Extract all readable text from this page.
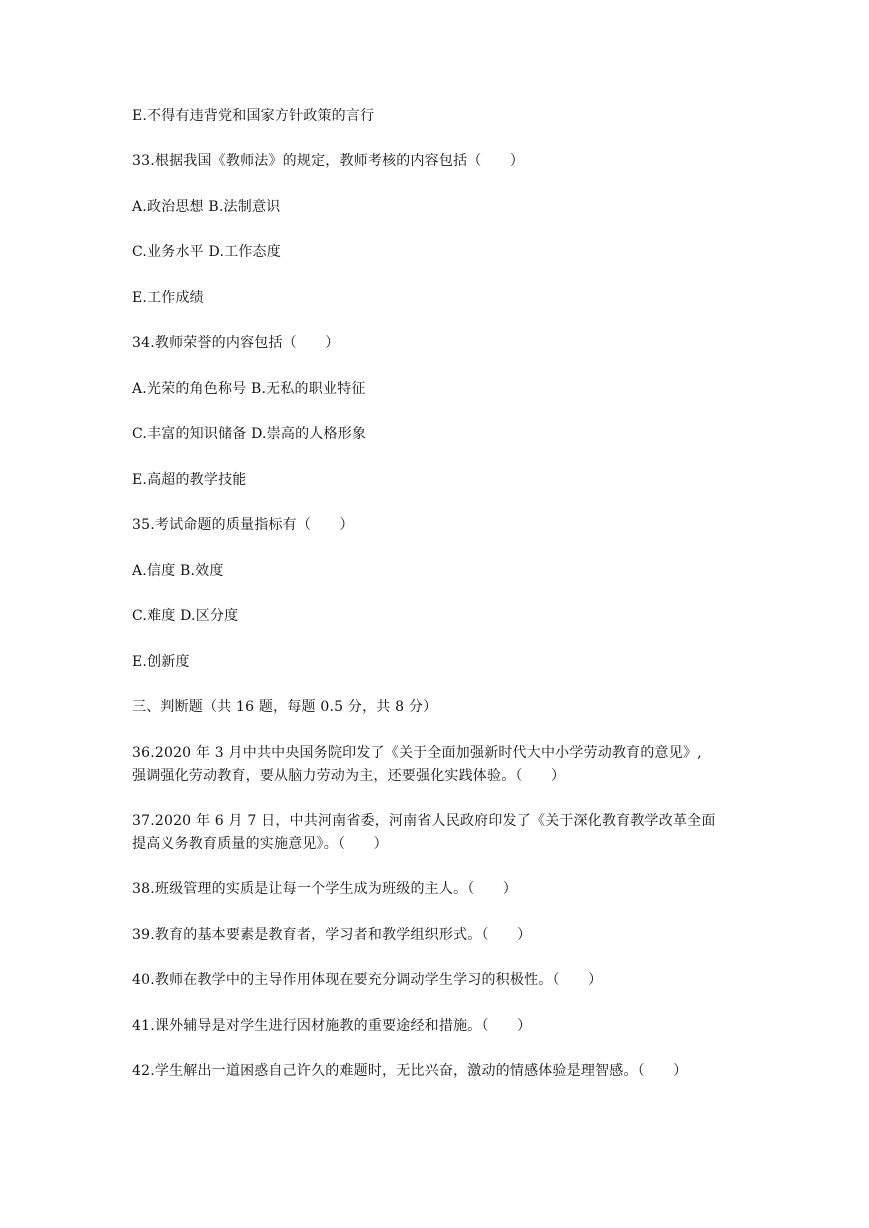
E.不得有违背党和国家方针政策的言行
33.根据我国《教师法》的规定，教师考核的内容包括（　　）
A.政治思想 B.法制意识
C.业务水平 D.工作态度
E.工作成绩
34.教师荣誉的内容包括（　　）
A.光荣的角色称号 B.无私的职业特征
C.丰富的知识储备 D.崇高的人格形象
E.高超的教学技能
35.考试命题的质量指标有（　　）
A.信度 B.效度
C.难度 D.区分度
E.创新度
三、判断题（共 16 题，每题 0.5 分，共 8 分）
36.2020 年 3 月中共中央国务院印发了《关于全面加强新时代大中小学劳动教育的意见》,
强调强化劳动教育，要从脑力劳动为主，还要强化实践体验。（　　）
37.2020 年 6 月 7 日，中共河南省委，河南省人民政府印发了《关于深化教育教学改革全面
提高义务教育质量的实施意见》。（　　）
38.班级管理的实质是让每一个学生成为班级的主人。（　　）
39.教育的基本要素是教育者，学习者和教学组织形式。（　　）
40.教师在教学中的主导作用体现在要充分调动学生学习的积极性。（　　）
41.课外辅导是对学生进行因材施教的重要途经和措施。（　　）
42.学生解出一道困惑自己许久的难题时，无比兴奋，激动的情感体验是理智感。（　　）
